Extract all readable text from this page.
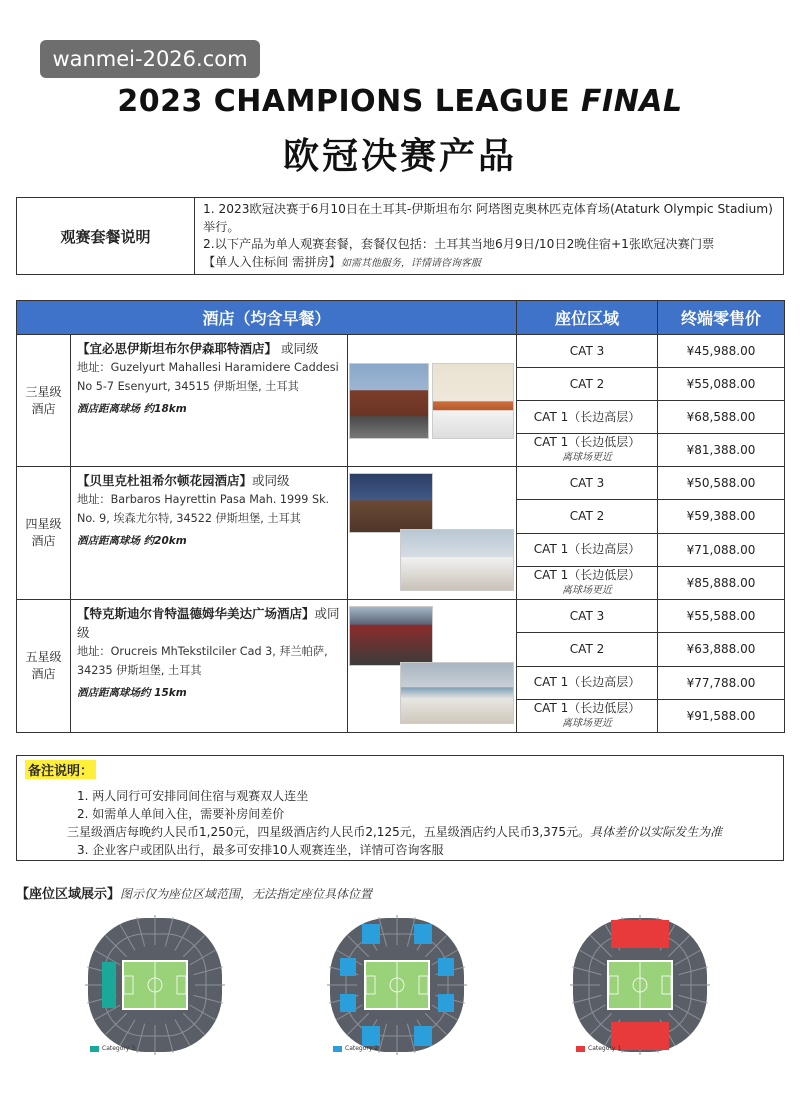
wanmei-2026.com
2023 CHAMPIONS LEAGUE FINAL
欧冠决赛产品
观赛套餐说明
1. 2023欧冠决赛于6月10日在土耳其-伊斯坦布尔 阿塔图克奥林匹克体育场(Ataturk Olympic Stadium) 举行。
2.以下产品为单人观赛套餐，套餐仅包括：土耳其当地6月9日/10日2晚住宿+1张欧冠决赛门票
【单人入住标间 需拼房】如需其他服务，详情请咨询客服
酒店（均含早餐）			座位区域	终端零售价
三星级酒店	【宜必思伊斯坦布尔伊森耶特酒店】 或同级
地址：Guzelyurt Mahallesi Haramidere Caddesi No 5-7 Esenyurt, 34515 伊斯坦堡, 土耳其
酒店距离球场 约18km		CAT 3	¥45,988.00

			CAT 2	¥55,088.00

			CAT 1（长边高层）	¥68,588.00

			CAT 1（长边低层）
离球场更近	¥81,388.00
四星级酒店	【贝里克杜祖希尔顿花园酒店】或同级
地址：Barbaros Hayrettin Pasa Mah. 1999 Sk. No. 9, 埃森尤尔特, 34522 伊斯坦堡, 土耳其
酒店距离球场 约20km		CAT 3	¥50,588.00

			CAT 2	¥59,388.00

			CAT 1（长边高层）	¥71,088.00

			CAT 1（长边低层）
离球场更近	¥85,888.00
五星级酒店	【特克斯迪尔肯特温德姆华美达广场酒店】或同级
地址：Orucreis MhTekstilciler Cad 3, 拜兰帕萨, 34235 伊斯坦堡, 土耳其
酒店距离球场约 15km		CAT 3	¥55,588.00

			CAT 2	¥63,888.00

			CAT 1（长边高层）	¥77,788.00

			CAT 1（长边低层）
离球场更近	¥91,588.00
备注说明：
1. 两人同行可安排同间住宿与观赛双人连坐
2. 如需单人单间入住，需要补房间差价
三星级酒店每晚约人民币1,250元，四星级酒店约人民币2,125元，五星级酒店约人民币3,375元。具体差价以实际发生为准
3. 企业客户或团队出行，最多可安排10人观赛连坐，详情可咨询客服
【座位区域展示】图示仅为座位区域范围，无法指定座位具体位置
Category 3	Category 2	Category 1
